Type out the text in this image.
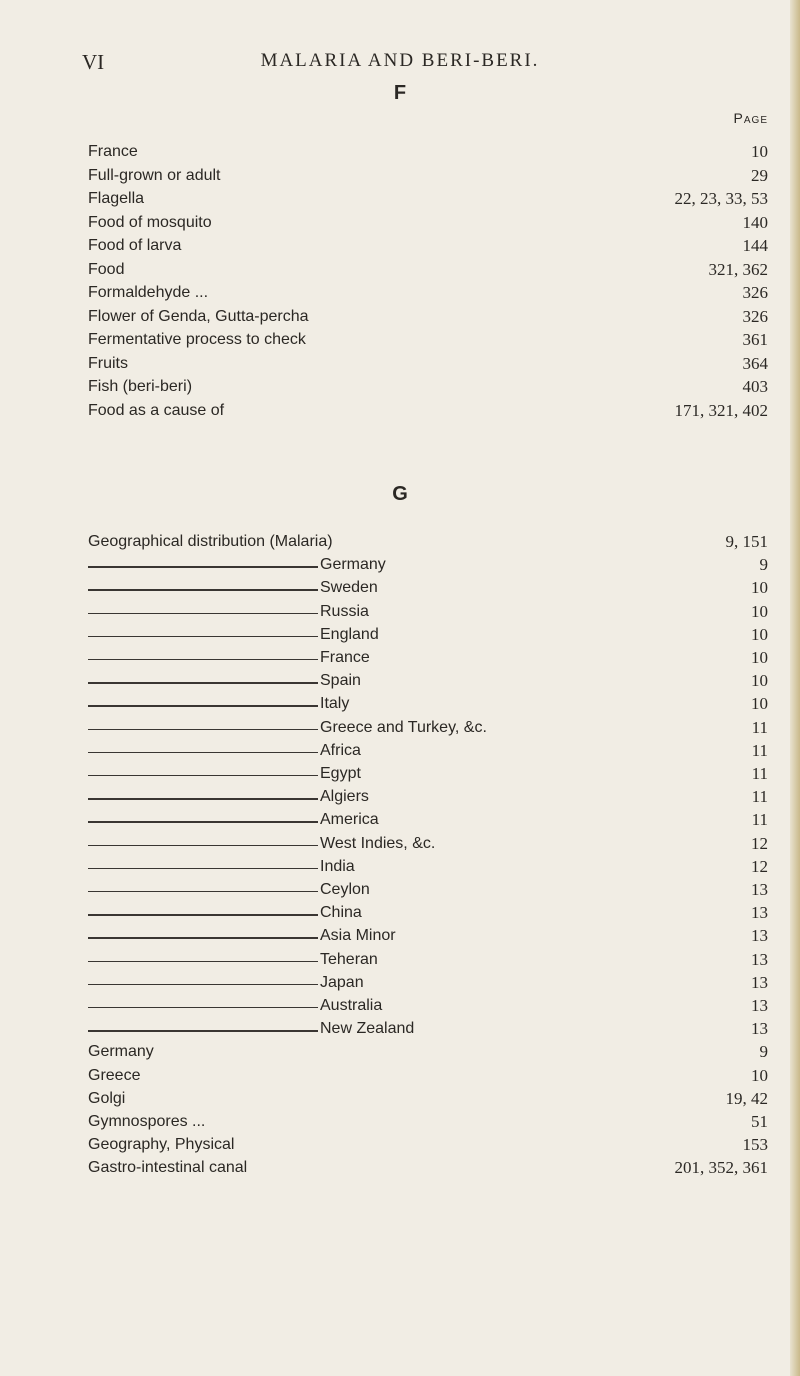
VI	MALARIA AND BERI-BERI.
F
Page
France	10
Full-grown or adult	29
Flagella	22, 23, 33, 53
Food of mosquito	140
Food of larva	144
Food	321, 362
Formaldehyde ...	326
Flower of Genda, Gutta-percha	326
Fermentative process to check	361
Fruits	364
Fish (beri-beri)	403
Food as a cause of	171, 321, 402
G
Geographical distribution (Malaria)	9, 151
Germany	9
Sweden	10
Russia	10
England	10
France	10
Spain	10
Italy	10
Greece and Turkey, &c.	11
Africa	11
Egypt	11
Algiers	11
America	11
West Indies, &c.	12
India	12
Ceylon	13
China	13
Asia Minor	13
Teheran	13
Japan	13
Australia	13
New Zealand	13
Germany	9
Greece	10
Golgi	19, 42
Gymnospores ...	51
Geography, Physical	153
Gastro-intestinal canal	201, 352, 361
